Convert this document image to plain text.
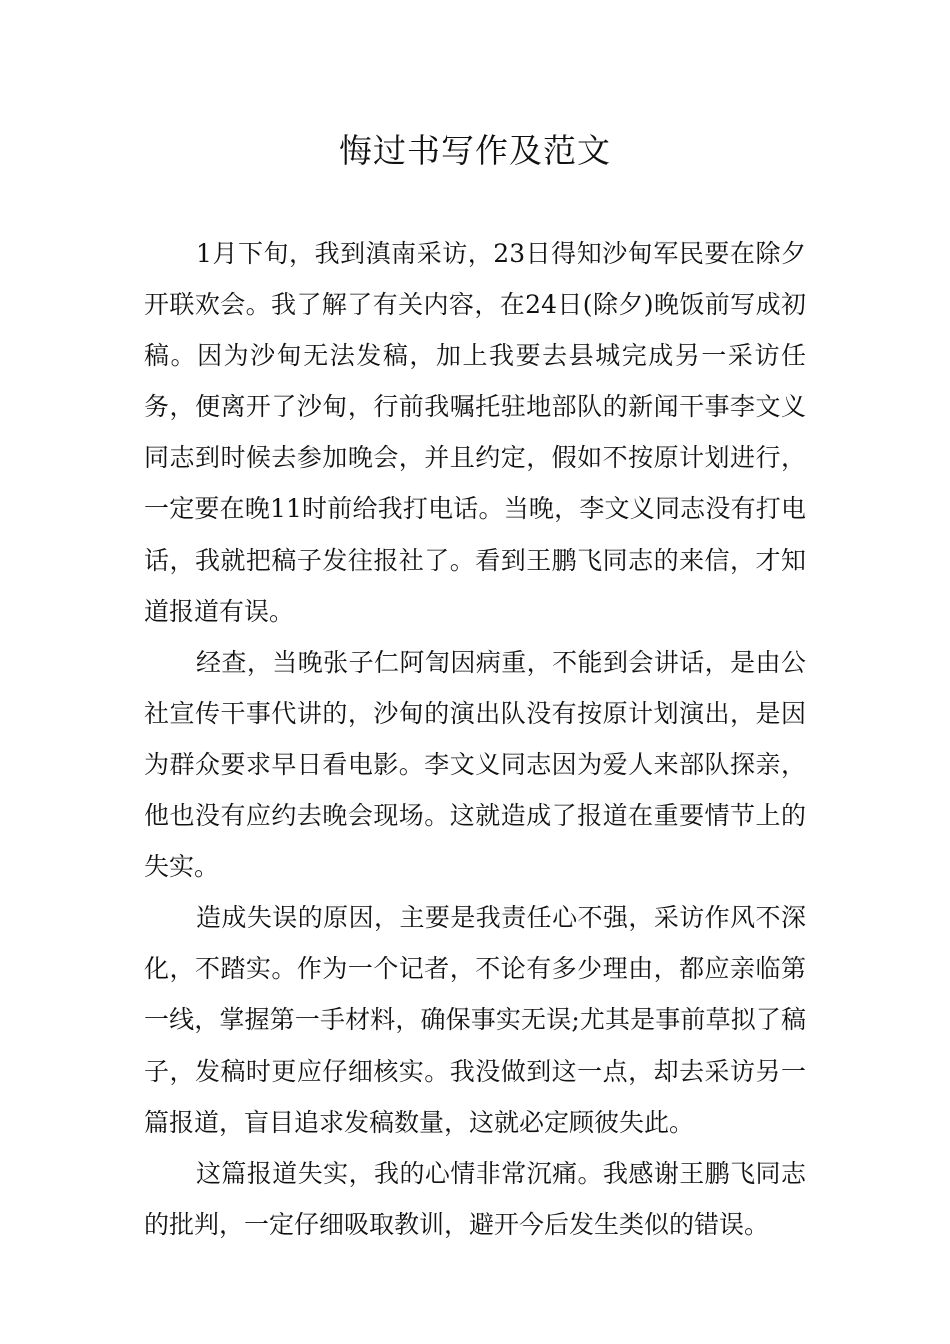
悔过书写作及范文

1月下旬，我到滇南采访，23日得知沙甸军民要在除夕开联欢会。我了解了有关内容，在24日(除夕)晚饭前写成初稿。因为沙甸无法发稿，加上我要去县城完成另一采访任务，便离开了沙甸，行前我嘱托驻地部队的新闻干事李文义同志到时候去参加晚会，并且约定，假如不按原计划进行，一定要在晚11时前给我打电话。当晚，李文义同志没有打电话，我就把稿子发往报社了。看到王鹏飞同志的来信，才知道报道有误。

经查，当晚张子仁阿訇因病重，不能到会讲话，是由公社宣传干事代讲的，沙甸的演出队没有按原计划演出，是因为群众要求早日看电影。李文义同志因为爱人来部队探亲，他也没有应约去晚会现场。这就造成了报道在重要情节上的失实。

造成失误的原因，主要是我责任心不强，采访作风不深化，不踏实。作为一个记者，不论有多少理由，都应亲临第一线，掌握第一手材料，确保事实无误;尤其是事前草拟了稿子，发稿时更应仔细核实。我没做到这一点，却去采访另一篇报道，盲目追求发稿数量，这就必定顾彼失此。

这篇报道失实，我的心情非常沉痛。我感谢王鹏飞同志的批判，一定仔细吸取教训，避开今后发生类似的错误。
